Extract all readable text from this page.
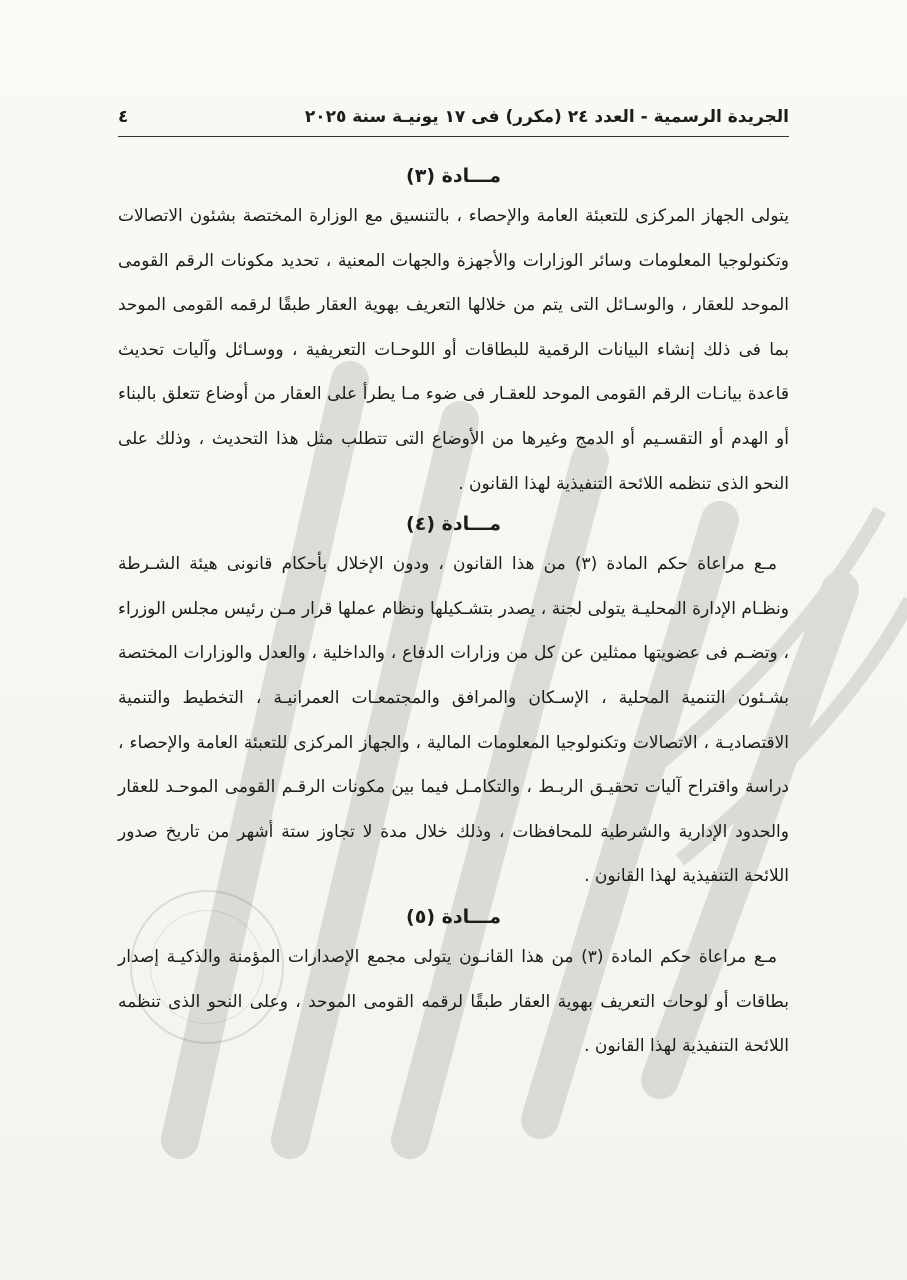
الجريدة الرسمية - العدد ٢٤ (مكرر) فى ١٧ يونيـة سنة ٢٠٢٥
٤
مـــادة (٣)

يتولى الجهاز المركزى للتعبئة العامة والإحصاء ، بالتنسيق مع الوزارة المختصة بشئون الاتصالات وتكنولوجيا المعلومات وسائر الوزارات والأجهزة والجهات المعنية ، تحديد مكونات الرقم القومى الموحد للعقار ، والوسـائل التى يتم من خلالها التعريف بهوية العقار طبقًا لرقمه القومى الموحد بما فى ذلك إنشاء البيانات الرقمية للبطاقات أو اللوحـات التعريفية ، ووسـائل وآليات تحديث قاعدة بيانـات الرقم القومى الموحد للعقـار فى ضوء مـا يطرأ على العقار من أوضاع تتعلق بالبناء أو الهدم أو التقسـيم أو الدمج وغيرها من الأوضاع التى تتطلب مثل هذا التحديث ، وذلك على النحو الذى تنظمه اللائحة التنفيذية لهذا القانون .

مـــادة (٤)

مـع مراعاة حكم المادة (٣) من هذا القانون ، ودون الإخلال بأحكام قانونى هيئة الشـرطة ونظـام الإدارة المحليـة يتولى لجنة ، يصدر بتشـكيلها ونظام عملها قرار مـن رئيس مجلس الوزراء ، وتضـم فى عضويتها ممثلين عن كل من وزارات الدفاع ، والداخلية ، والعدل والوزارات المختصة بشـئون التنمية المحلية ، الإسـكان والمرافق والمجتمعـات العمرانيـة ، التخطيط والتنمية الاقتصاديـة ، الاتصالات وتكنولوجيا المعلومات المالية ، والجهاز المركزى للتعبئة العامة والإحصاء ، دراسة واقتراح آليات تحقيـق الربـط ، والتكامـل فيما بين مكونات الرقـم القومى الموحـد للعقار والحدود الإدارية والشرطية للمحافظات ، وذلك خلال مدة لا تجاوز ستة أشهر من تاريخ صدور اللائحة التنفيذية لهذا القانون .

مـــادة (٥)

مـع مراعاة حكم المادة (٣) من هذا القانـون يتولى مجمع الإصدارات المؤمنة والذكيـة إصدار بطاقات أو لوحات التعريف بهوية العقار طبقًا لرقمه القومى الموحد ، وعلى النحو الذى تنظمه اللائحة التنفيذية لهذا القانون .
